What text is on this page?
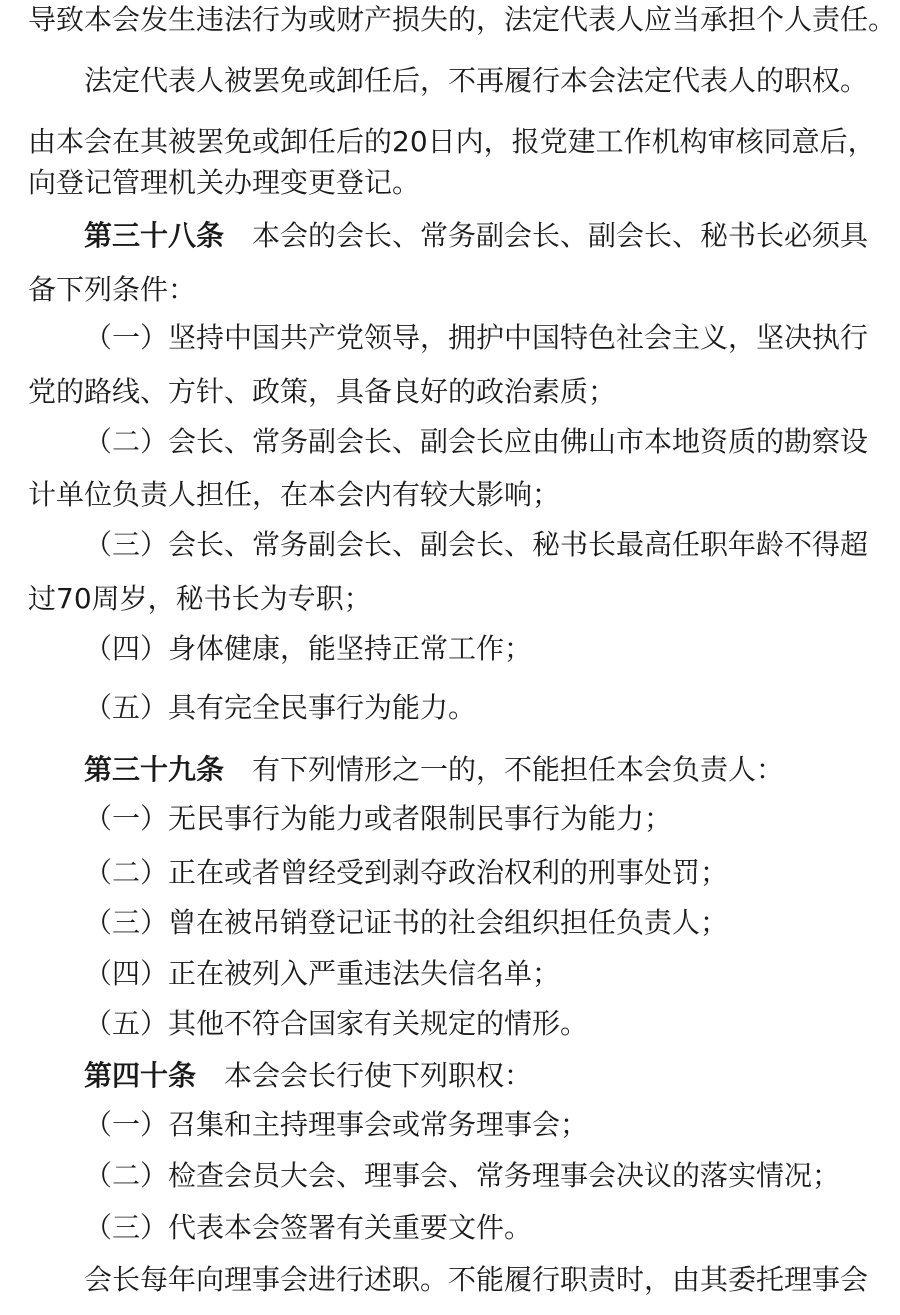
导致本会发生违法行为或财产损失的，法定代表人应当承担个人责任。
法定代表人被罢免或卸任后，不再履行本会法定代表人的职权。
由本会在其被罢免或卸任后的20日内，报党建工作机构审核同意后，
向登记管理机关办理变更登记。
第三十八条 本会的会长、常务副会长、副会长、秘书长必须具
备下列条件：
（一）坚持中国共产党领导，拥护中国特色社会主义，坚决执行
党的路线、方针、政策，具备良好的政治素质；
（二）会长、常务副会长、副会长应由佛山市本地资质的勘察设
计单位负责人担任，在本会内有较大影响；
（三）会长、常务副会长、副会长、秘书长最高任职年龄不得超
过70周岁，秘书长为专职；
（四）身体健康，能坚持正常工作；
（五）具有完全民事行为能力。
第三十九条 有下列情形之一的，不能担任本会负责人：
（一）无民事行为能力或者限制民事行为能力；
（二）正在或者曾经受到剥夺政治权利的刑事处罚；
（三）曾在被吊销登记证书的社会组织担任负责人；
（四）正在被列入严重违法失信名单；
（五）其他不符合国家有关规定的情形。
第四十条 本会会长行使下列职权：
（一）召集和主持理事会或常务理事会；
（二）检查会员大会、理事会、常务理事会决议的落实情况；
（三）代表本会签署有关重要文件。
会长每年向理事会进行述职。不能履行职责时，由其委托理事会
